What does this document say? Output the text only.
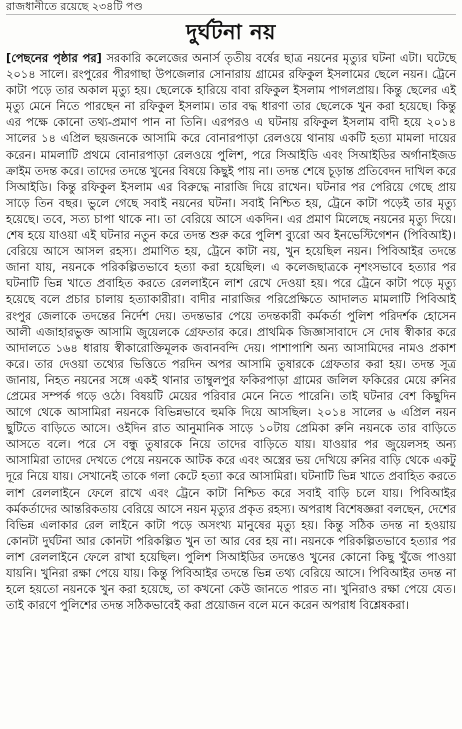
রাজধানীতে রয়েছে ২৩৪টি পণ্ড
দুর্ঘটনা নয়
[পেছনের পৃষ্ঠার পর] সরকারি কলেজের অনার্স তৃতীয় বর্ষের ছাত্র নয়নের মৃত্যুর ঘটনা এটা। ঘটেছে ২০১৪ সালে। রংপুরের পীরগাছা উপজেলার সোনারায় গ্রামের রফিকুল ইসলামের ছেলে নয়ন। ট্রেনে কাটা পড়ে তার অকাল মৃত্যু হয়। ছেলেকে হারিয়ে বাবা রফিকুল ইসলাম পাগলপ্রায়। কিন্তু ছেলের এই মৃত্যু মেনে নিতে পারছেন না রফিকুল ইসলাম। তার বদ্ধ ধারণা তার ছেলেকে খুন করা হয়েছে। কিন্তু এর পক্ষে কোনো তথ্য-প্রমাণ পান না তিনি। এরপরও এ ঘটনায় রফিকুল ইসলাম বাদী হয়ে ২০১৪ সালের ১৪ এপ্রিল ছয়জনকে আসামি করে বোনারপাড়া রেলওয়ে থানায় একটি হত্যা মামলা দায়ের করেন। মামলাটি প্রথমে বোনারপাড়া রেলওয়ে পুলিশ, পরে সিআইডি এবং সিআইডির অর্গানাইজড ক্রাইম তদন্ত করে। তাদের তদন্তে খুনের বিষয়ে কিছুই পায় না। তদন্ত শেষে চূড়ান্ত প্রতিবেদন দাখিল করে সিআইডি। কিন্তু রফিকুল ইসলাম এর বিরুদ্ধে নারাজি দিয়ে রাখেন। ঘটনার পর পেরিয়ে গেছে প্রায় সাড়ে তিন বছর। ভুলে গেছে সবাই নয়নের ঘটনা। সবাই নিশ্চিত হয়, ট্রেনে কাটা পড়েই তার মৃত্যু হয়েছে। তবে, সত্য চাপা থাকে না। তা বেরিয়ে আসে একদিন। এর প্রমাণ মিলেছে নয়নের মৃত্যু দিয়ে। শেষ হয়ে যাওয়া এই ঘটনার নতুন করে তদন্ত শুরু করে পুলিশ ব্যুরো অব ইনভেস্টিগেশন (পিবিআই)। বেরিয়ে আসে আসল রহস্য। প্রমাণিত হয়, ট্রেনে কাটা নয়, খুন হয়েছিল নয়ন। পিবিআইর তদন্তে জানা যায়, নয়নকে পরিকল্পিতভাবে হত্যা করা হয়েছিল। এ কলেজছাত্রকে নৃশংসভাবে হত্যার পর ঘটনাটি ভিন্ন খাতে প্রবাহিত করতে রেললাইনে লাশ রেখে দেওয়া হয়। পরে ট্রেনে কাটা পড়ে মৃত্যু হয়েছে বলে প্রচার চালায় হত্যাকারীরা। বাদীর নারাজির পরিপ্রেক্ষিতে আদালত মামলাটি পিবিআই রংপুর জেলাকে তদন্তের নির্দেশ দেয়। তদন্তভার পেয়ে তদন্তকারী কর্মকর্তা পুলিশ পরিদর্শক হোসেন আলী এজাহারভুক্ত আসামি জুয়েলকে গ্রেফতার করে। প্রাথমিক জিজ্ঞাসাবাদে সে দোষ স্বীকার করে আদালতে ১৬৪ ধারায় স্বীকারোক্তিমূলক জবানবন্দি দেয়। পাশাপাশি অন্য আসামিদের নামও প্রকাশ করে। তার দেওয়া তথ্যের ভিত্তিতে পরদিন অপর আসামি তুষারকে গ্রেফতার করা হয়। তদন্ত সূত্র জানায়, নিহত নয়নের সঙ্গে একই থানার তাম্বুলপুর ফকিরপাড়া গ্রামের জলিল ফকিরের মেয়ে রুনির প্রেমের সম্পর্ক গড়ে ওঠে। বিষয়টি মেয়ের পরিবার মেনে নিতে পারেনি। তাই ঘটনার বেশ কিছুদিন আগে থেকে আসামিরা নয়নকে বিভিন্নভাবে হুমকি দিয়ে আসছিল। ২০১৪ সালের ৬ এপ্রিল নয়ন ছুটিতে বাড়িতে আসে। ওইদিন রাত আনুমানিক সাড়ে ১০টায় প্রেমিকা রুনি নয়নকে তার বাড়িতে আসতে বলে। পরে সে বন্ধু তুষারকে নিয়ে তাদের বাড়িতে যায়। যাওয়ার পর জুয়েলসহ অন্য আসামিরা তাদের দেখতে পেয়ে নয়নকে আটক করে এবং অস্ত্রের ভয় দেখিয়ে রুনির বাড়ি থেকে একটু দূরে নিয়ে যায়। সেখানেই তাকে গলা কেটে হত্যা করে আসামিরা। ঘটনাটি ভিন্ন খাতে প্রবাহিত করতে লাশ রেললাইনে ফেলে রাখে এবং ট্রেনে কাটা নিশ্চিত করে সবাই বাড়ি চলে যায়। পিবিআইর কর্মকর্তাদের আন্তরিকতায় বেরিয়ে আসে নয়ন মৃত্যুর প্রকৃত রহস্য। অপরাধ বিশেষজ্ঞরা বলছেন, দেশের বিভিন্ন এলাকার রেল লাইনে কাটা পড়ে অসংখ্য মানুষের মৃত্যু হয়। কিন্তু সঠিক তদন্ত না হওয়ায় কোনটা দুর্ঘটনা আর কোনটা পরিকল্পিত খুন তা আর বের হয় না। নয়নকে পরিকল্পিতভাবে হত্যার পর লাশ রেললাইনে ফেলে রাখা হয়েছিল। পুলিশ সিআইডির তদন্তেও খুনের কোনো কিছু খুঁজে পাওয়া যায়নি। খুনিরা রক্ষা পেয়ে যায়। কিন্তু পিবিআইর তদন্তে ভিন্ন তথ্য বেরিয়ে আসে। পিবিআইর তদন্ত না হলে হয়তো নয়নকে খুন করা হয়েছে, তা কখনো কেউ জানতে পারত না। খুনিরাও রক্ষা পেয়ে যেত। তাই কারণে পুলিশের তদন্ত সঠিকভাবেই করা প্রয়োজন বলে মনে করেন অপরাধ বিশ্লেষকরা।
